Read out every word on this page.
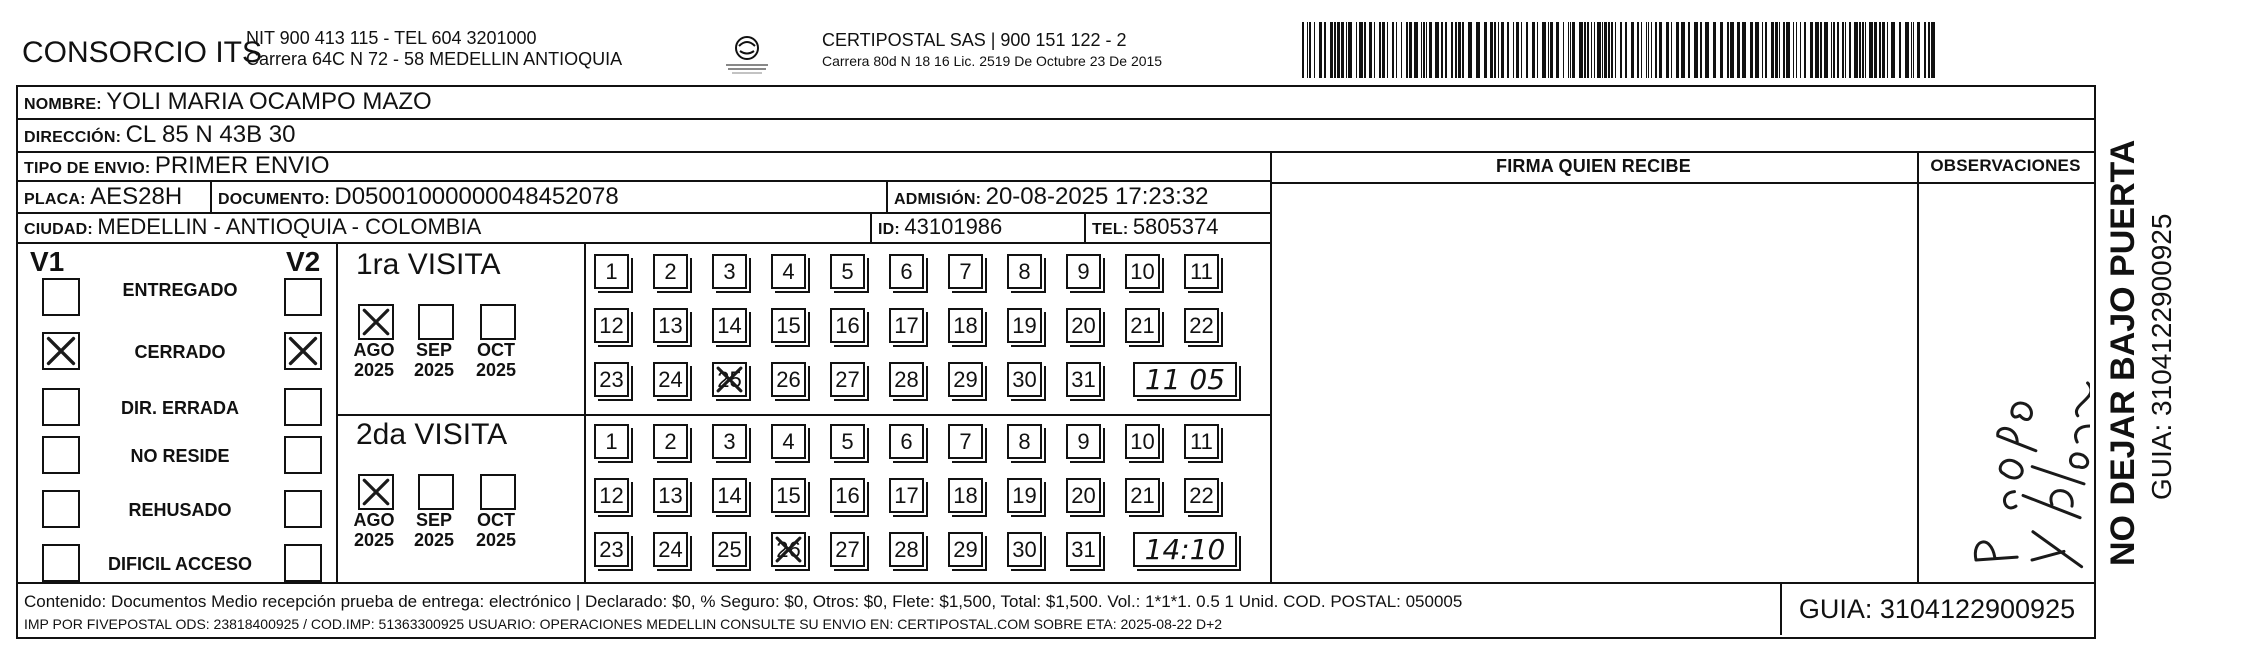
CONSORCIO ITS
NIT 900 413 115 - TEL 604 3201000
Carrera 64C N 72 - 58 MEDELLIN ANTIOQUIA
CERTIPOSTAL SAS | 900 151 122 - 2
Carrera 80d N 18 16 Lic. 2519 De Octubre 23 De 2015
NOMBRE: YOLI MARIA OCAMPO MAZO
DIRECCIÓN: CL 85 N 43B 30
TIPO DE ENVIO: PRIMER ENVIO
PLACA: AES28H DOCUMENTO: D05001000000048452078	ADMISIÓN: 20-08-2025 17:23:32
CIUDAD: MEDELLIN - ANTIOQUIA - COLOMBIA	ID: 43101986	TEL: 5805374
FIRMA QUIEN RECIBE	OBSERVACIONES
V1	V2
ENTREGADO
CERRADO
DIR. ERRADA
NO RESIDE
REHUSADO
DIFICIL ACCESO
1ra VISITA
2da VISITA
AGO
2025
SEP
2025
OCT
2025
1 2 3 4 5 6 7 8 9 10 11
12 13 14 15 16 17 18 19 20 21 22
23 24 25 26 27 28 29 30 31 11 05
AGO
2025
SEP
2025
OCT
2025
1 2 3 4 5 6 7 8 9 10 11
12 13 14 15 16 17 18 19 20 21 22
23 24 25 26 27 28 29 30 31 14:10	NO DEJAR BAJO PUERTA GUIA: 3104122900925
Contenido: Documentos Medio recepción prueba de entrega: electrónico | Declarado: $0, % Seguro: $0, Otros: $0, Flete: $1,500, Total: $1,500. Vol.: 1*1*1. 0.5 1 Unid. COD. POSTAL: 050005
IMP POR FIVEPOSTAL ODS: 23818400925 / COD.IMP: 51363300925 USUARIO: OPERACIONES MEDELLIN CONSULTE SU ENVIO EN: CERTIPOSTAL.COM SOBRE ETA: 2025-08-22 D+2	GUIA: 3104122900925
